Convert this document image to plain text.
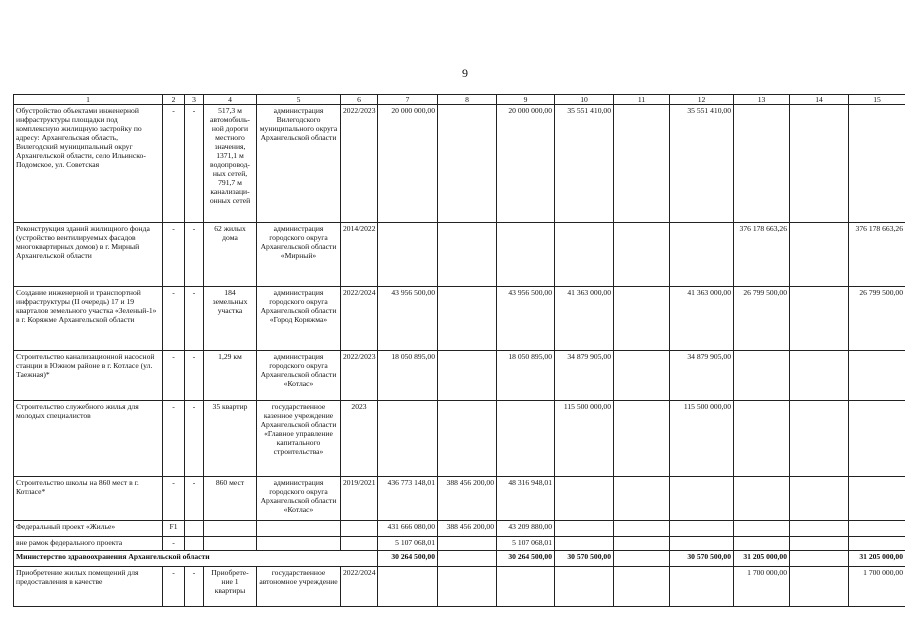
9
1	2	3	4	5	6	7	8	9	10	11	12	13	14	15
Обустройство объектами инженерной инфраструктуры площадки под комплексную жилищную застройку по адресу: Архангельская область, Вилегодский муниципальный округ Архангельской области, село Ильинско-Подомское, ул. Советская	-	-	517,3 м автомобиль-ной дороги местного значения, 1371,1 м водопровод-ных сетей, 791,7 м канализаци-онных сетей	администрация Вилегодского муниципального округа Архангельской области	2022/2023	20 000 000,00		20 000 000,00	35 551 410,00		35 551 410,00			
Реконструкция зданий жилищного фонда (устройство вентилируемых фасадов многоквартирных домов) в г. Мирный Архангельской области	-	-	62 жилых дома	администрация городского округа Архангельской области «Мирный»	2014/2022							376 178 663,26		376 178 663,26
Создание инженерной и транспортной инфраструктуры (II очередь) 17 и 19 кварталов земельного участка «Зеленый-1» в г. Коряжме Архангельской области	-	-	184 земельных участка	администрация городского округа Архангельской области «Город Коряжма»	2022/2024	43 956 500,00		43 956 500,00	41 363 000,00		41 363 000,00	26 799 500,00		26 799 500,00
Строительство канализационной насосной станции в Южном районе в г. Котласе (ул. Таежная)*	-	-	1,29 км	администрация городского округа Архангельской области «Котлас»	2022/2023	18 050 895,00		18 050 895,00	34 879 905,00		34 879 905,00			
Строительство служебного жилья для молодых специалистов	-	-	35 квартир	государственное казенное учреждение Архангельской области «Главное управление капитального строительства»	2023				115 500 000,00		115 500 000,00			
Строительство школы на 860 мест в г. Котласе*	-	-	860 мест	администрация городского округа Архангельской области «Котлас»	2019/2021	436 773 148,01	388 456 200,00	48 316 948,01						
Федеральный проект «Жилье»	F1					431 666 080,00	388 456 200,00	43 209 880,00						
вне рамок федерального проекта	-					5 107 068,01		5 107 068,01						
Министерство здравоохранения Архангельской области						30 264 500,00		30 264 500,00	30 570 500,00		30 570 500,00	31 205 000,00		31 205 000,00
Приобретение жилых помещений для предоставления в качестве	-	-	Приобрете-ние 1 квартиры	государственное автономное учреждение	2022/2024							1 700 000,00		1 700 000,00
